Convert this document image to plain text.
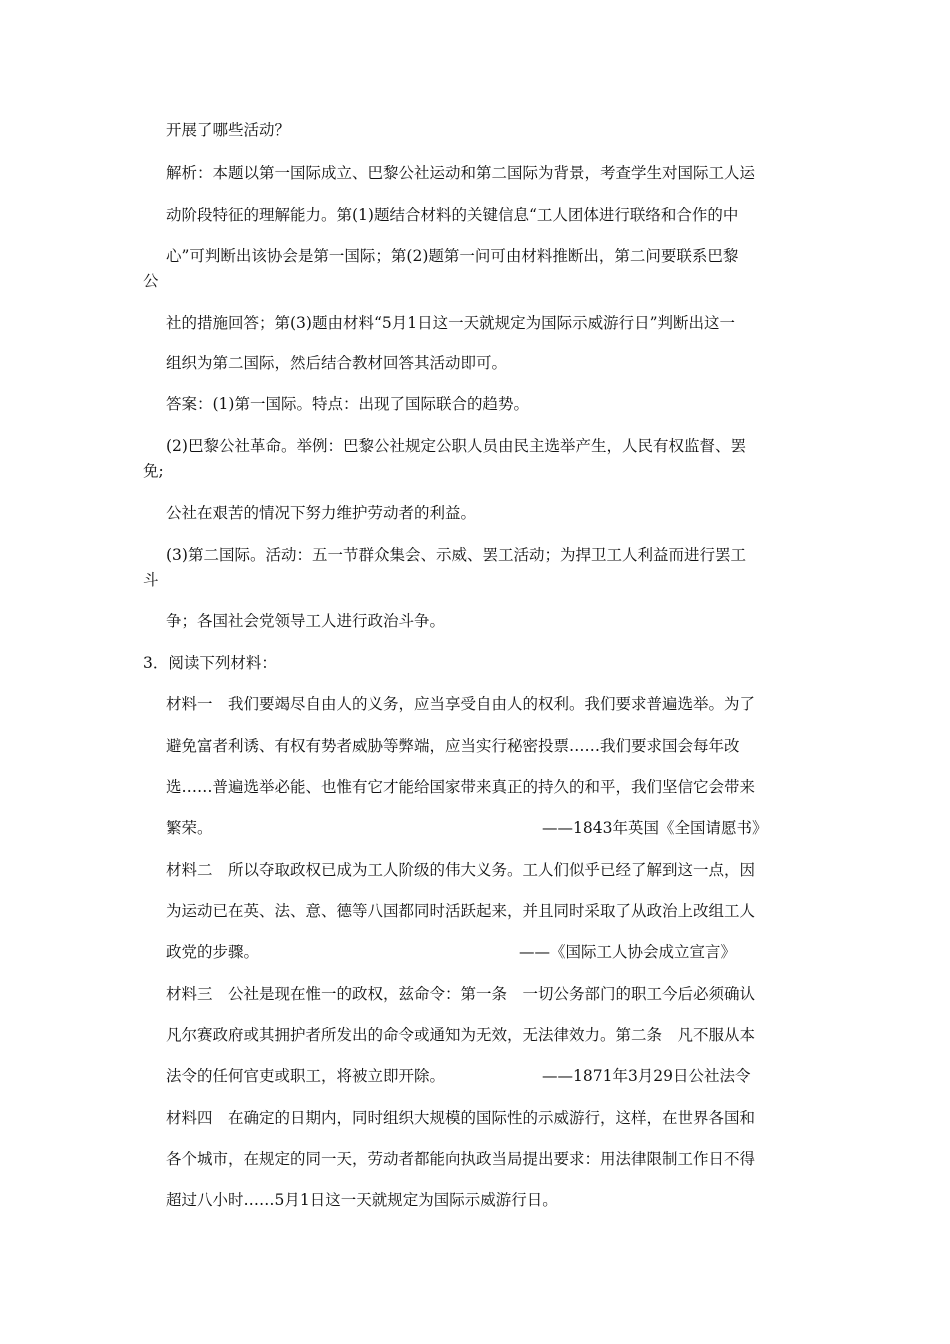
开展了哪些活动？
解析：本题以第一国际成立、巴黎公社运动和第二国际为背景，考查学生对国际工人运
动阶段特征的理解能力。第(1)题结合材料的关键信息“工人团体进行联络和合作的中
心”可判断出该协会是第一国际；第(2)题第一问可由材料推断出，第二问要联系巴黎
公
社的措施回答；第(3)题由材料“5月1日这一天就规定为国际示威游行日”判断出这一
组织为第二国际，然后结合教材回答其活动即可。
答案：(1)第一国际。特点：出现了国际联合的趋势。
(2)巴黎公社革命。举例：巴黎公社规定公职人员由民主选举产生，人民有权监督、罢
免;
公社在艰苦的情况下努力维护劳动者的利益。
(3)第二国际。活动：五一节群众集会、示威、罢工活动；为捍卫工人利益而进行罢工
斗
争；各国社会党领导工人进行政治斗争。
3．阅读下列材料：
材料一　我们要竭尽自由人的义务，应当享受自由人的权利。我们要求普遍选举。为了
避免富者利诱、有权有势者威胁等弊端，应当实行秘密投票……我们要求国会每年改
选……普遍选举必能、也惟有它才能给国家带来真正的持久的和平，我们坚信它会带来
繁荣。	——1843年英国《全国请愿书》
材料二　所以夺取政权已成为工人阶级的伟大义务。工人们似乎已经了解到这一点，因
为运动已在英、法、意、德等八国都同时活跃起来，并且同时采取了从政治上改组工人
政党的步骤。	——《国际工人协会成立宣言》
材料三　公社是现在惟一的政权，兹命令：第一条　一切公务部门的职工今后必须确认
凡尔赛政府或其拥护者所发出的命令或通知为无效，无法律效力。第二条　凡不服从本
法令的任何官吏或职工，将被立即开除。	——1871年3月29日公社法令
材料四　在确定的日期内，同时组织大规模的国际性的示威游行，这样，在世界各国和
各个城市，在规定的同一天，劳动者都能向执政当局提出要求：用法律限制工作日不得
超过八小时……5月1日这一天就规定为国际示威游行日。
